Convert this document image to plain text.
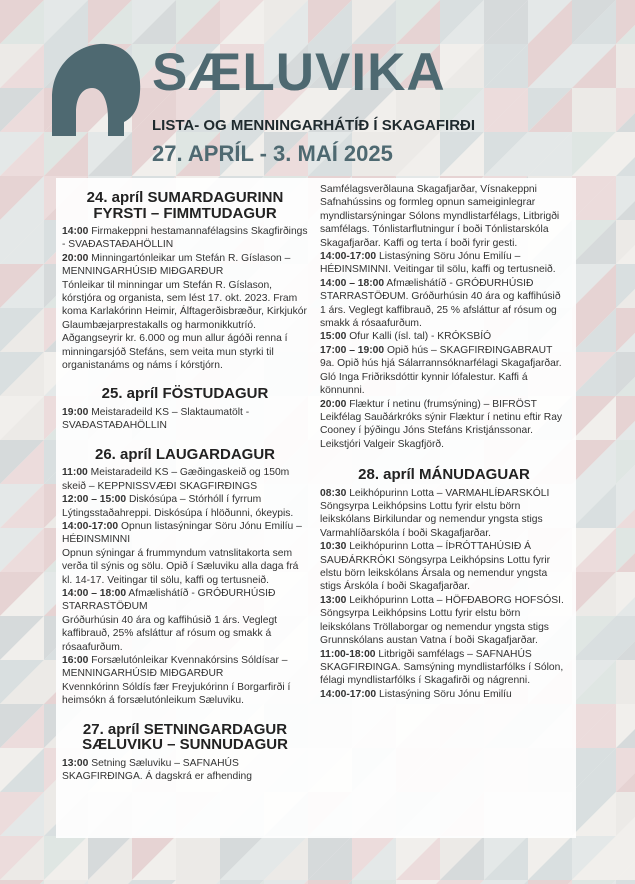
SÆLUVIKA
LISTA- OG MENNINGARHÁTÍÐ Í SKAGAFIRÐI
27. APRÍL - 3. MAÍ 2025
24. apríl SUMARDAGURINN FYRSTI – FIMMTUDAGUR

14:00 Firmakeppni hestamannafélagsins Skagfirðings - SVAÐASTAÐAHÖLLIN

20:00 Minningartónleikar um Stefán R. Gíslason – MENNINGARHÚSIÐ MIÐGARÐUR

Tónleikar til minningar um Stefán R. Gíslason, kórstjóra og organista, sem lést 17. okt. 2023. Fram koma Karlakórinn Heimir, Álftagerðisbræður, Kirkjukór Glaumbæjarprestakalls og harmonikkutríó. Aðgangseyrir kr. 6.000 og mun allur ágóði renna í minningarsjóð Stefáns, sem veita mun styrki til organistanáms og náms í kórstjórn.

25. apríl FÖSTUDAGUR

19:00 Meistaradeild KS – Slaktaumatölt - SVAÐASTAÐAHÖLLIN

26. apríl LAUGARDAGUR

11:00 Meistaradeild KS – Gæðingaskeið og 150m skeið – KEPPNISSVÆÐI SKAGFIRÐINGS

12:00 – 15:00 Diskósúpa – Stórhóll í fyrrum Lýtingsstaðahreppi. Diskósúpa í hlöðunni, ókeypis.

14:00-17:00 Opnun listasýningar Söru Jónu Emilíu – HÉÐINSMINNI

Opnun sýningar á frummyndum vatnslitakorta sem verða til sýnis og sölu. Opið í Sæluviku alla daga frá kl. 14-17. Veitingar til sölu, kaffi og tertusneið.

14:00 – 18:00 Afmælishátíð - GRÓÐURHÚSIÐ STARRASTÖÐUM

Gróðurhúsin 40 ára og kaffihúsið 1 árs. Veglegt kaffibrauð, 25% afsláttur af rósum og smakk á rósaafurðum.

16:00 Forsælutónleikar Kvennakórsins Sóldísar – MENNINGARHÚSIÐ MIÐGARÐUR

Kvennkórinn Sóldís fær Freyjukórinn í Borgarfirði í heimsókn á forsælutónleikum Sæluviku.

27. apríl SETNINGARDAGUR SÆLUVIKU – SUNNUDAGUR

13:00 Setning Sæluviku – SAFNAHÚS SKAGFIRÐINGA. Á dagskrá er afhending

Samfélagsverðlauna Skagafjarðar, Vísnakeppni Safnahússins og formleg opnun sameiginlegrar myndlistarsýningar Sólons myndlistarfélags, Litbrigði samfélags. Tónlistarflutningur í boði Tónlistarskóla Skagafjarðar. Kaffi og terta í boði fyrir gesti.

14:00-17:00 Listasýning Söru Jónu Emilíu – HÉÐINSMINNI. Veitingar til sölu, kaffi og tertusneið.

14:00 – 18:00 Afmælishátíð - GRÓÐURHÚSIÐ STARRASTÖÐUM. Gróðurhúsin 40 ára og kaffihúsið 1 árs. Veglegt kaffibrauð, 25 % afsláttur af rósum og smakk á rósaafurðum.

15:00 Ofur Kalli (ísl. tal) - KRÓKSBÍÓ

17:00 – 19:00 Opið hús – SKAGFIRÐINGABRAUT 9a. Opið hús hjá Sálarrannsóknarfélagi Skagafjarðar. Gló Inga Friðriksdóttir kynnir lófalestur. Kaffi á könnunni.

20:00 Flæktur í netinu (frumsýning) – BIFRÖST Leikfélag Sauðárkróks sýnir Flæktur í netinu eftir Ray Cooney í þýðingu Jóns Stefáns Kristjánssonar. Leikstjóri Valgeir Skagfjörð.

28. apríl MÁNUDAGUAR

08:30 Leikhópurinn Lotta – VARMAHLÍÐARSKÓLI Söngsyrpa Leikhópsins Lottu fyrir elstu börn leikskólans Birkilundar og nemendur yngsta stigs Varmahlíðarskóla í boði Skagafjarðar.

10:30 Leikhópurinn Lotta – ÍÞRÓTTAHÚSIÐ Á SAUÐÁRKRÓKI Söngsyrpa Leikhópsins Lottu fyrir elstu börn leikskólans Ársala og nemendur yngsta stigs Árskóla í boði Skagafjarðar.

13:00 Leikhópurinn Lotta – HÖFÐABORG HOFSÓSI. Söngsyrpa Leikhópsins Lottu fyrir elstu börn leikskólans Tröllaborgar og nemendur yngsta stigs Grunnskólans austan Vatna í boði Skagafjarðar.

11:00-18:00 Litbrigði samfélags – SAFNAHÚS SKAGFIRÐINGA. Samsýning myndlistarfólks í Sólon, félagi myndlistarfólks í Skagafirði og nágrenni.

14:00-17:00 Listasýning Söru Jónu Emilíu
